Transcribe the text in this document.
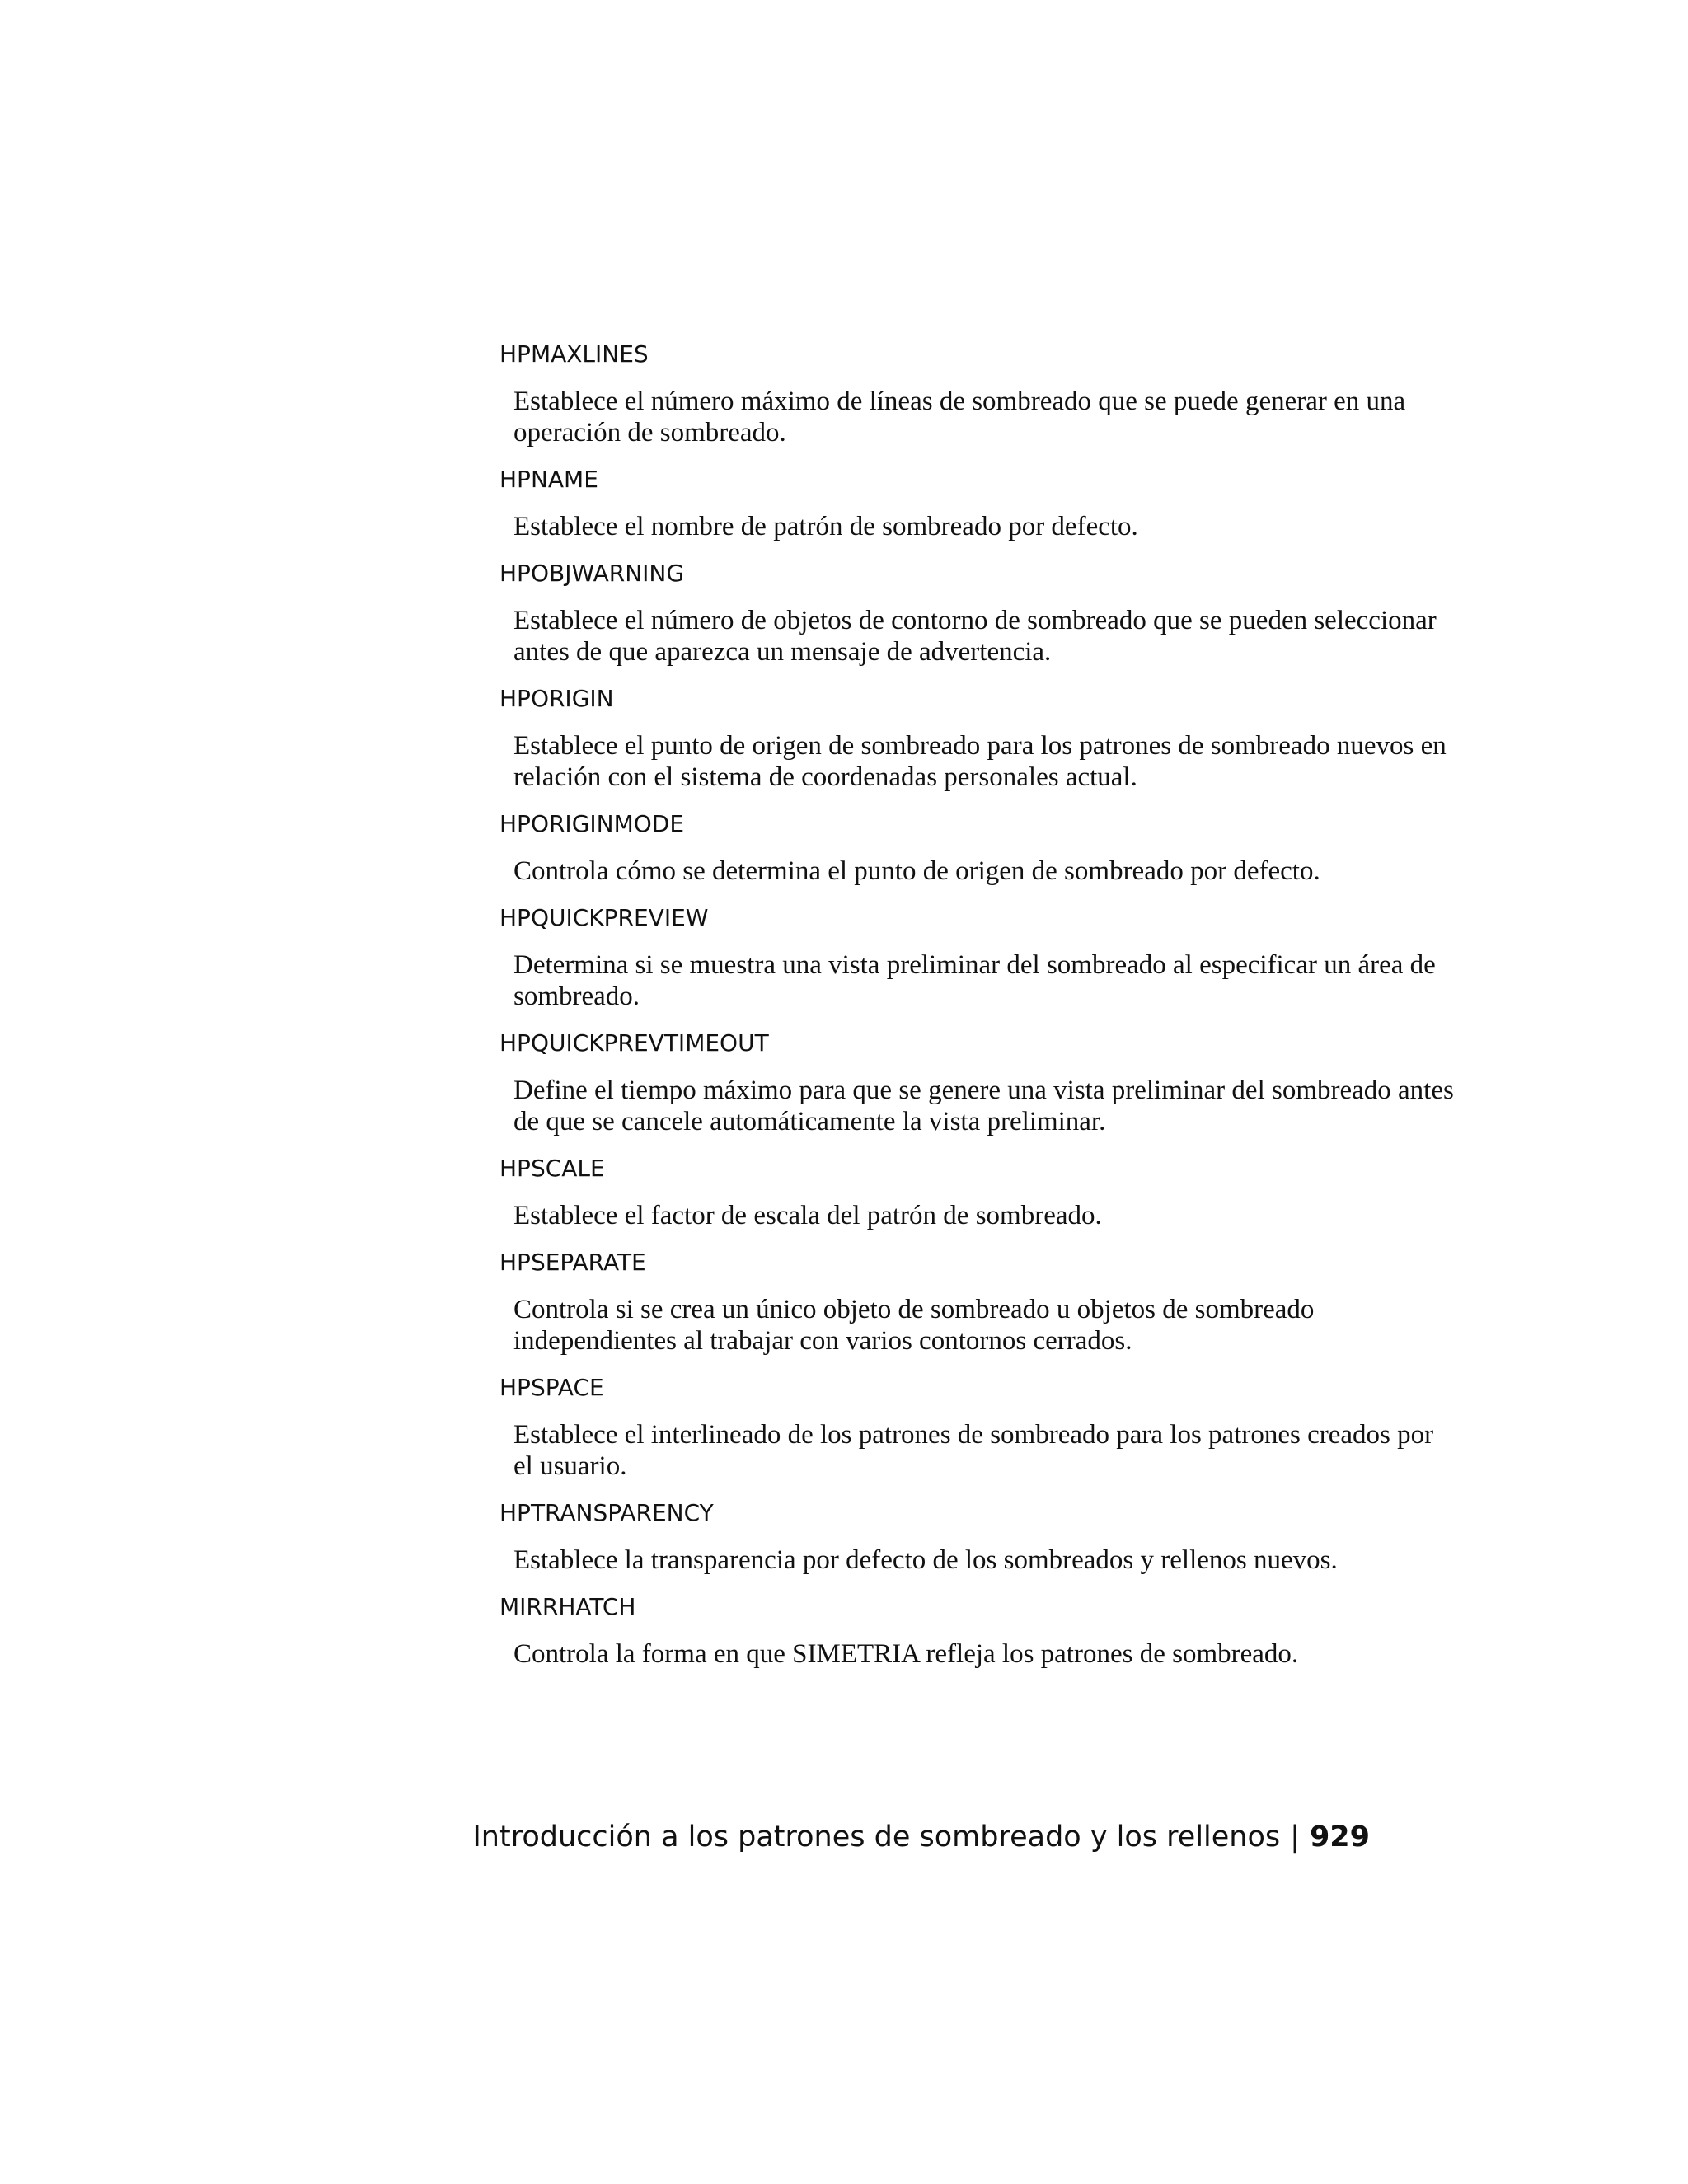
HPMAXLINES

Establece el número máximo de líneas de sombreado que se puede generar en una operación de sombreado.

HPNAME

Establece el nombre de patrón de sombreado por defecto.

HPOBJWARNING

Establece el número de objetos de contorno de sombreado que se pueden seleccionar antes de que aparezca un mensaje de advertencia.

HPORIGIN

Establece el punto de origen de sombreado para los patrones de sombreado nuevos en relación con el sistema de coordenadas personales actual.

HPORIGINMODE

Controla cómo se determina el punto de origen de sombreado por defecto.

HPQUICKPREVIEW

Determina si se muestra una vista preliminar del sombreado al especificar un área de sombreado.

HPQUICKPREVTIMEOUT

Define el tiempo máximo para que se genere una vista preliminar del sombreado antes de que se cancele automáticamente la vista preliminar.

HPSCALE

Establece el factor de escala del patrón de sombreado.

HPSEPARATE

Controla si se crea un único objeto de sombreado u objetos de sombreado independientes al trabajar con varios contornos cerrados.

HPSPACE

Establece el interlineado de los patrones de sombreado para los patrones creados por el usuario.

HPTRANSPARENCY

Establece la transparencia por defecto de los sombreados y rellenos nuevos.

MIRRHATCH

Controla la forma en que SIMETRIA refleja los patrones de sombreado.

Introducción a los patrones de sombreado y los rellenos | 929
